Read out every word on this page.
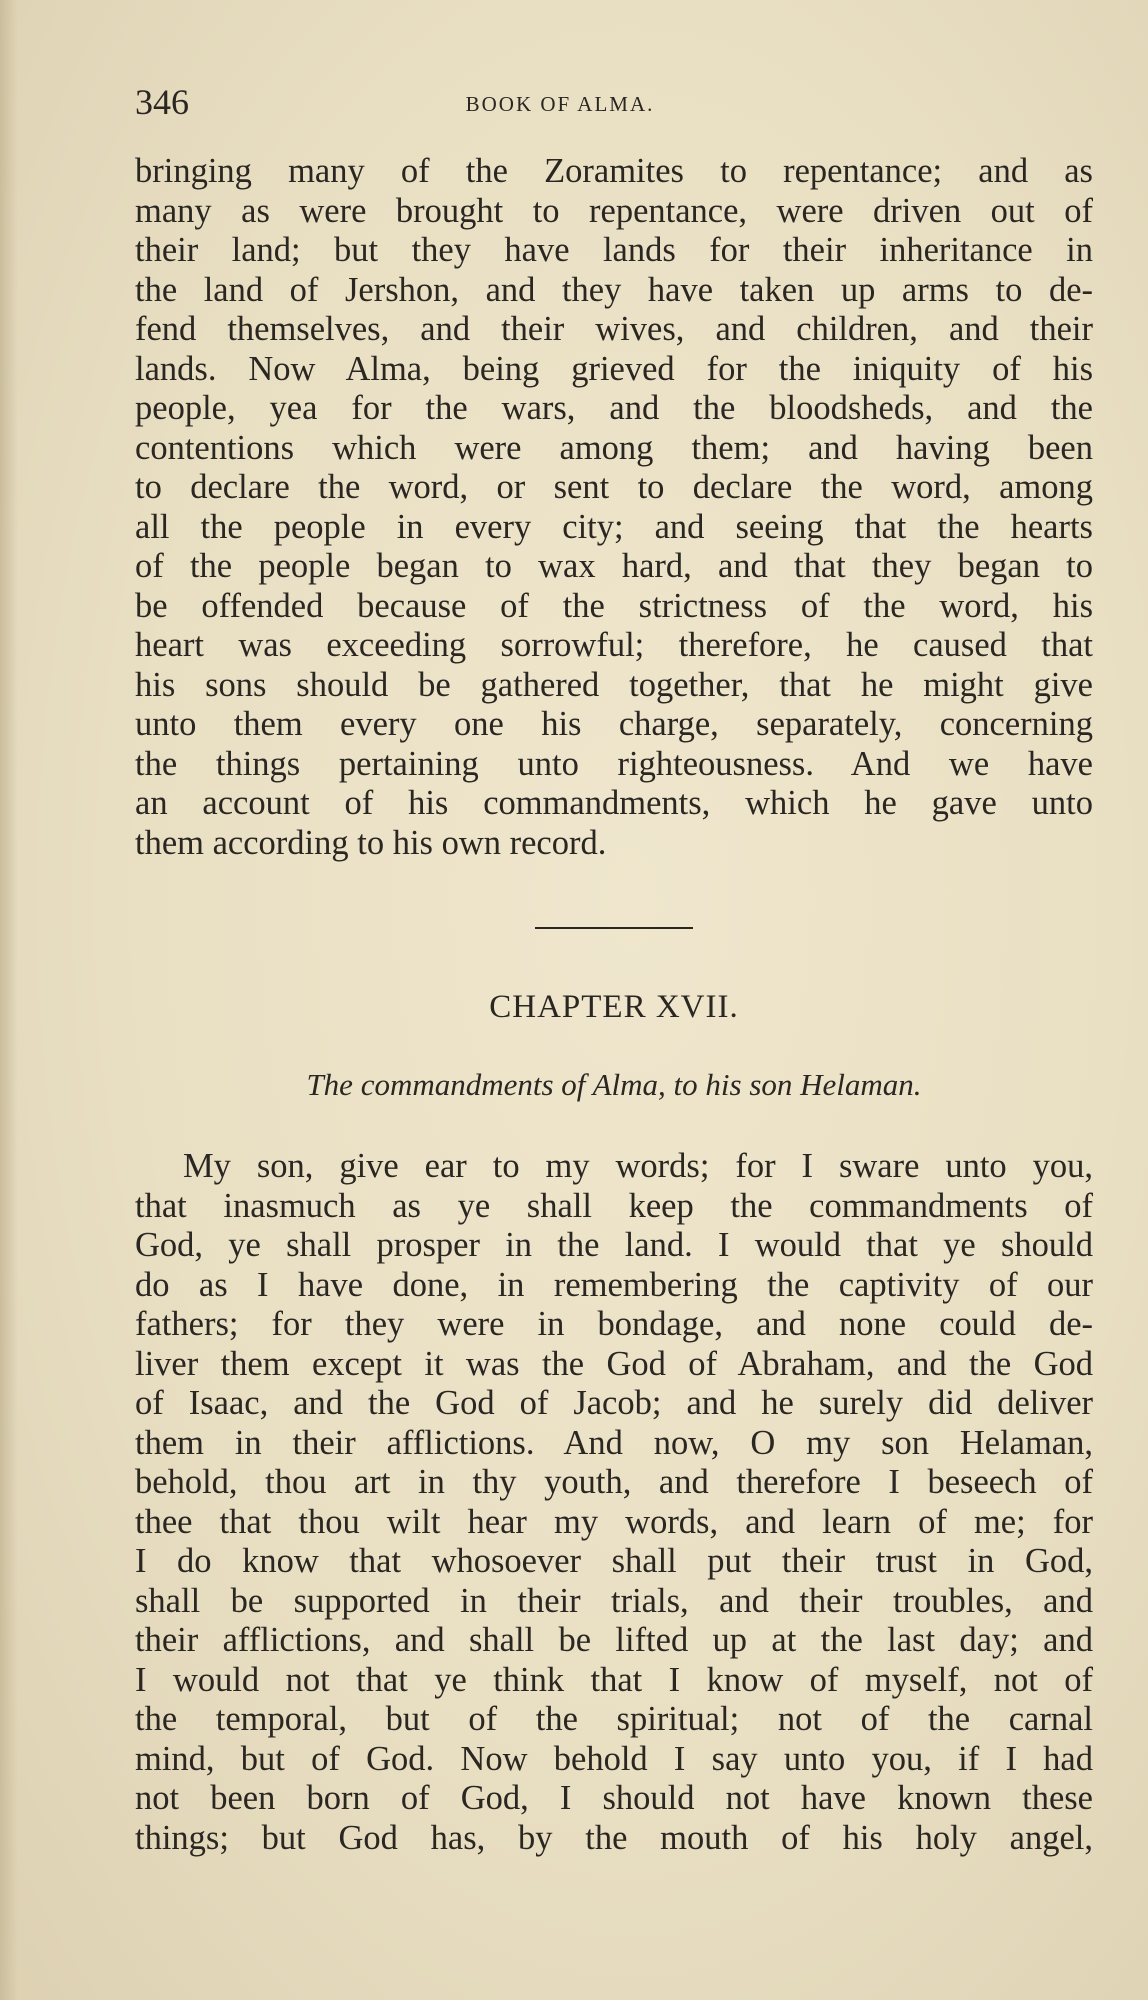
346	BOOK OF ALMA.
bringing many of the Zoramites to repentance; and as
many as were brought to repentance, were driven out of
their land; but they have lands for their inheritance in
the land of Jershon, and they have taken up arms to de-
fend themselves, and their wives, and children, and their
lands. Now Alma, being grieved for the iniquity of his
people, yea for the wars, and the bloodsheds, and the
contentions which were among them; and having been
to declare the word, or sent to declare the word, among
all the people in every city; and seeing that the hearts
of the people began to wax hard, and that they began to
be offended because of the strictness of the word, his
heart was exceeding sorrowful; therefore, he caused that
his sons should be gathered together, that he might give
unto them every one his charge, separately, concerning
the things pertaining unto righteousness. And we have
an account of his commandments, which he gave unto
them according to his own record.
CHAPTER XVII.
The commandments of Alma, to his son Helaman.
My son, give ear to my words; for I sware unto you,
that inasmuch as ye shall keep the commandments of
God, ye shall prosper in the land. I would that ye should
do as I have done, in remembering the captivity of our
fathers; for they were in bondage, and none could de-
liver them except it was the God of Abraham, and the God
of Isaac, and the God of Jacob; and he surely did deliver
them in their afflictions. And now, O my son Helaman,
behold, thou art in thy youth, and therefore I beseech of
thee that thou wilt hear my words, and learn of me; for
I do know that whosoever shall put their trust in God,
shall be supported in their trials, and their troubles, and
their afflictions, and shall be lifted up at the last day; and
I would not that ye think that I know of myself, not of
the temporal, but of the spiritual; not of the carnal
mind, but of God. Now behold I say unto you, if I had
not been born of God, I should not have known these
things; but God has, by the mouth of his holy angel,
